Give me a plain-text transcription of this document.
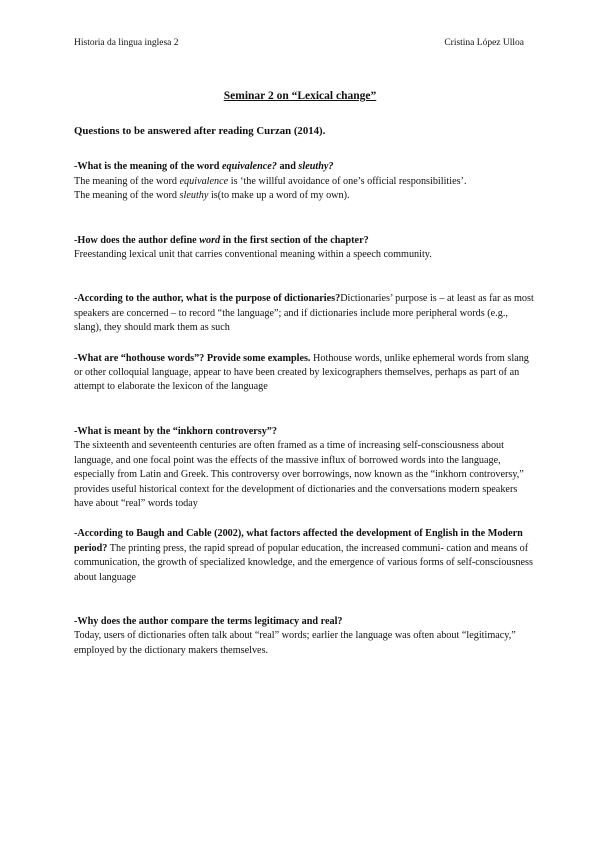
Historia da lingua inglesa 2	Cristina López Ulloa
Seminar 2 on “Lexical change”

Questions to be answered after reading Curzan (2014).

-What is the meaning of the word equivalence? and sleuthy?

The meaning of the word equivalence is ‘the willful avoidance of one’s official responsibilities’.

The meaning of the word sleuthy is(to make up a word of my own).

-How does the author define word in the first section of the chapter?

Freestanding lexical unit that carries conventional meaning within a speech community.

-According to the author, what is the purpose of dictionaries?Dictionaries’ purpose is – at least as far as most speakers are concerned – to record “the language”; and if dictionaries include more peripheral words (e.g., slang), they should mark them as such

-What are “hothouse words”? Provide some examples. Hothouse words, unlike ephemeral words from slang or other colloquial language, appear to have been created by lexicographers themselves, perhaps as part of an attempt to elaborate the lexicon of the language

-What is meant by the “inkhorn controversy”?

The sixteenth and seventeenth centuries are often framed as a time of increasing self-consciousness about language, and one focal point was the effects of the massive influx of borrowed words into the language, especially from Latin and Greek. This controversy over borrowings, now known as the “inkhorn controversy,” provides useful historical context for the development of dictionaries and the conversations modern speakers have about “real” words today

-According to Baugh and Cable (2002), what factors affected the development of English in the Modern period? The printing press, the rapid spread of popular education, the increased communi- cation and means of communication, the growth of specialized knowledge, and the emergence of various forms of self-consciousness about language

-Why does the author compare the terms legitimacy and real?

Today, users of dictionaries often talk about “real” words; earlier the language was often about “legitimacy,” employed by the dictionary makers themselves.
